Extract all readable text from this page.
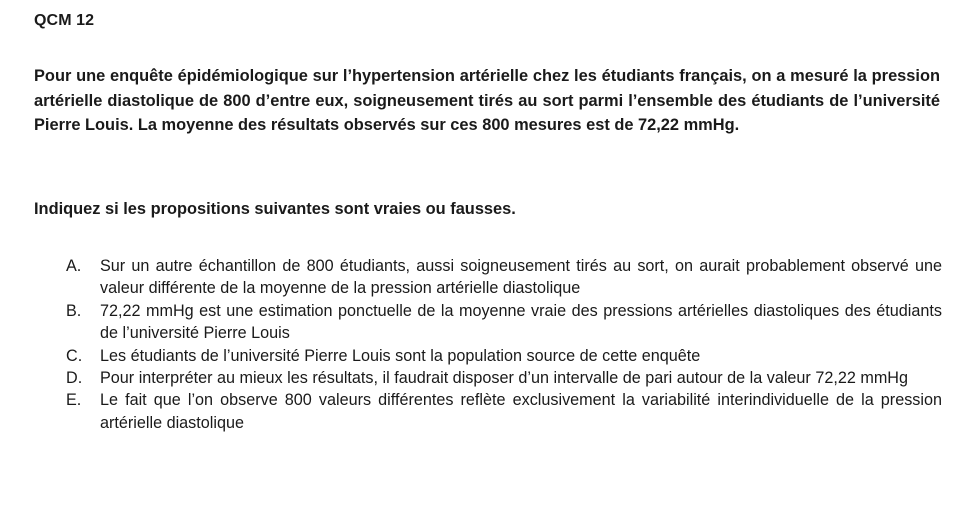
QCM 12
Pour une enquête épidémiologique sur l’hypertension artérielle chez les étudiants français, on a mesuré la pression artérielle diastolique de 800 d’entre eux, soigneusement tirés au sort parmi l’ensemble des étudiants de l’université Pierre Louis. La moyenne des résultats observés sur ces 800 mesures est de 72,22 mmHg.
Indiquez si les propositions suivantes sont vraies ou fausses.
A.	Sur un autre échantillon de 800 étudiants, aussi soigneusement tirés au sort, on aurait probablement observé une valeur différente de la moyenne de la pression artérielle diastolique
B.	72,22 mmHg est une estimation ponctuelle de la moyenne vraie des pressions artérielles diastoliques des étudiants de l’université Pierre Louis
C.	Les étudiants de l’université Pierre Louis sont la population source de cette enquête
D.	Pour interpréter au mieux les résultats, il faudrait disposer d’un intervalle de pari autour de la valeur 72,22 mmHg
E.	Le fait que l’on observe 800 valeurs différentes reflète exclusivement la variabilité interindividuelle de la pression artérielle diastolique
